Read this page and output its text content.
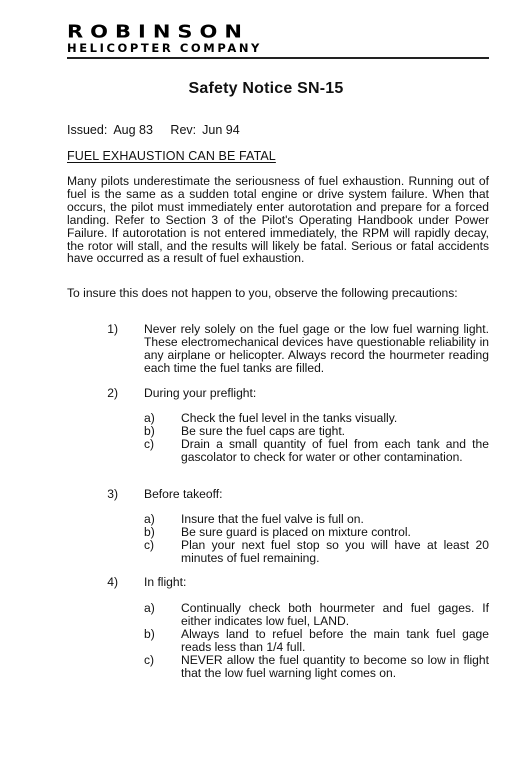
ROBINSON
HELICOPTER COMPANY
Safety Notice SN-15
Issued: Aug 83 Rev: Jun 94
FUEL EXHAUSTION CAN BE FATAL
Many pilots underestimate the seriousness of fuel exhaustion. Running out of fuel is the same as a sudden total engine or drive system failure. When that occurs, the pilot must immediately enter autorotation and prepare for a forced landing. Refer to Section 3 of the Pilot's Operating Handbook under Power Failure. If autorotation is not entered immediately, the RPM will rapidly decay, the rotor will stall, and the results will likely be fatal. Serious or fatal accidents have occurred as a result of fuel exhaustion.
To insure this does not happen to you, observe the following precautions:
1) Never rely solely on the fuel gage or the low fuel warning light. These electromechanical devices have questionable reliability in any airplane or helicopter. Always record the hourmeter reading each time the fuel tanks are filled.
2) During your preflight:
a) Check the fuel level in the tanks visually.
b) Be sure the fuel caps are tight.
c)	Drain a small quantity of fuel from each tank and the gascolator to check for water or other contamination.
3) Before takeoff:
a) Insure that the fuel valve is full on.
b) Be sure guard is placed on mixture control.
c)	Plan your next fuel stop so you will have at least 20 minutes of fuel remaining.
4) In flight:
a) Continually check both hourmeter and fuel gages. If either indicates low fuel, LAND.
b) Always land to refuel before the main tank fuel gage reads less than 1/4 full.
c)	NEVER allow the fuel quantity to become so low in flight that the low fuel warning light comes on.
